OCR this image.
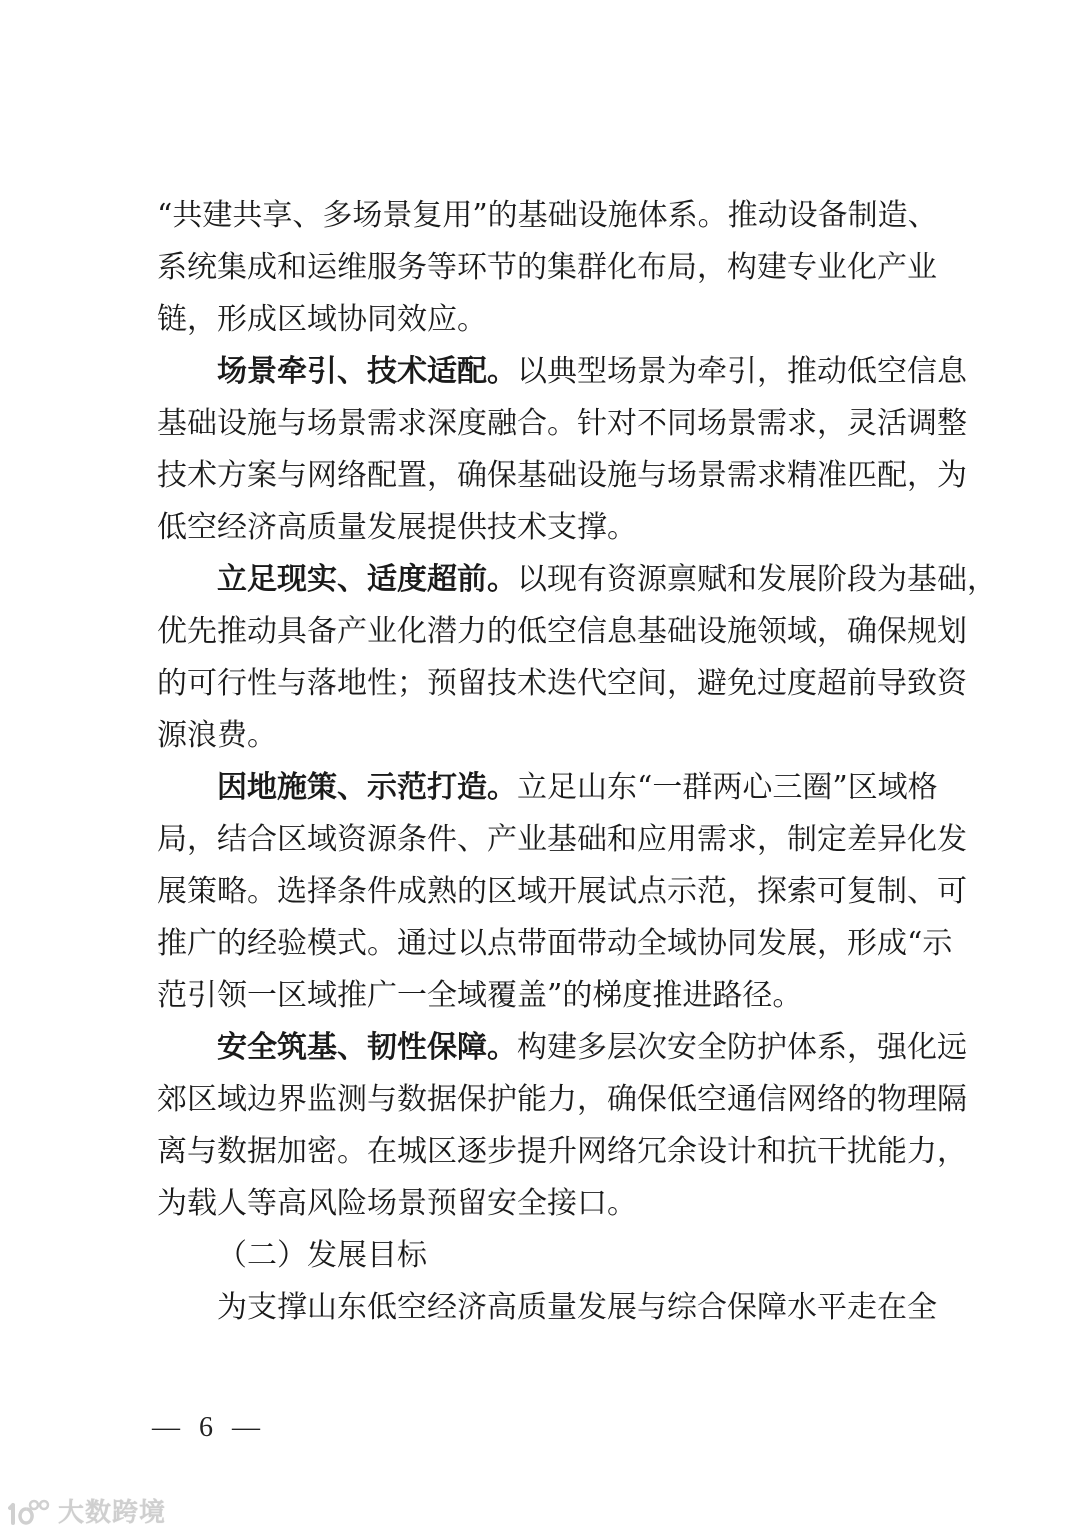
“共建共享、多场景复用”的基础设施体系。推动设备制造、
系统集成和运维服务等环节的集群化布局，构建专业化产业
链，形成区域协同效应。
场景牵引、技术适配。以典型场景为牵引，推动低空信息
基础设施与场景需求深度融合。针对不同场景需求，灵活调整
技术方案与网络配置，确保基础设施与场景需求精准匹配，为
低空经济高质量发展提供技术支撑。
立足现实、适度超前。以现有资源禀赋和发展阶段为基础，
优先推动具备产业化潜力的低空信息基础设施领域，确保规划
的可行性与落地性；预留技术迭代空间，避免过度超前导致资
源浪费。
因地施策、示范打造。立足山东“一群两心三圈”区域格
局，结合区域资源条件、产业基础和应用需求，制定差异化发
展策略。选择条件成熟的区域开展试点示范，探索可复制、可
推广的经验模式。通过以点带面带动全域协同发展，形成“示
范引领一区域推广一全域覆盖”的梯度推进路径。
安全筑基、韧性保障。构建多层次安全防护体系，强化远
郊区域边界监测与数据保护能力，确保低空通信网络的物理隔
离与数据加密。在城区逐步提升网络冗余设计和抗干扰能力，
为载人等高风险场景预留安全接口。
（二）发展目标
为支撑山东低空经济高质量发展与综合保障水平走在全
— 6 —
大数跨境
